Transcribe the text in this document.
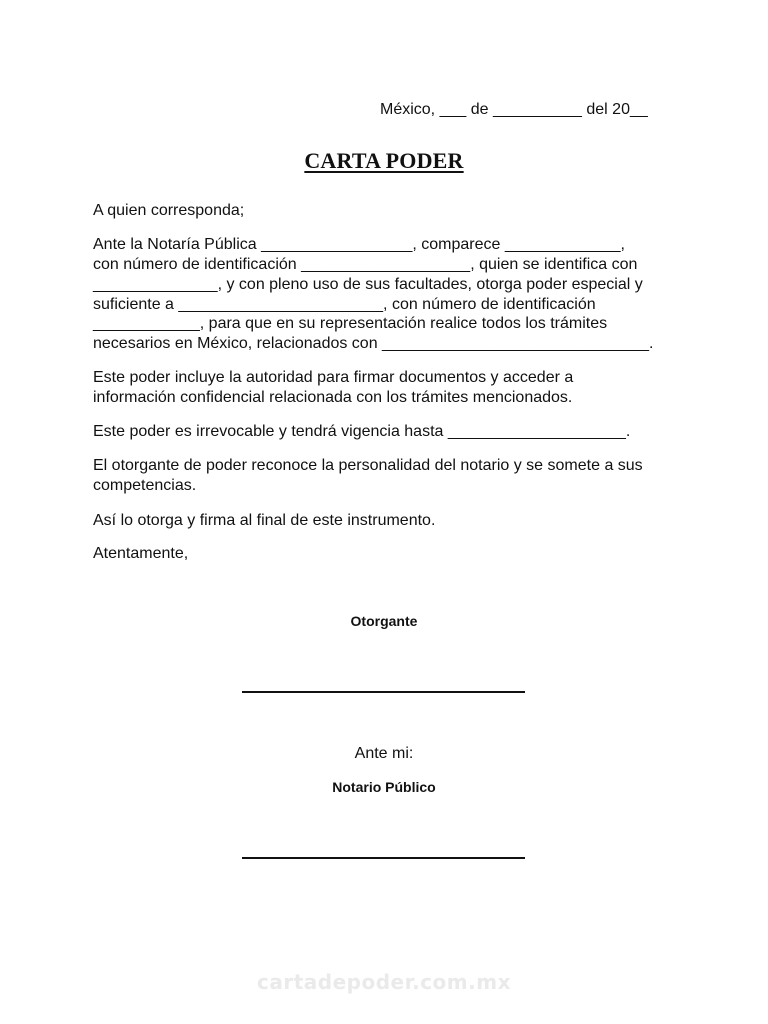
México, ___ de __________ del 20__
CARTA PODER
A quien corresponda;
Ante la Notaría Pública _________________, comparece _____________,
con número de identificación ___________________, quien se identifica con
______________, y con pleno uso de sus facultades, otorga poder especial y
suficiente a _______________________, con número de identificación
____________, para que en su representación realice todos los trámites
necesarios en México, relacionados con ______________________________.
Este poder incluye la autoridad para firmar documentos y acceder a
información confidencial relacionada con los trámites mencionados.
Este poder es irrevocable y tendrá vigencia hasta ____________________.
El otorgante de poder reconoce la personalidad del notario y se somete a sus
competencias.
Así lo otorga y firma al final de este instrumento.
Atentamente,
Otorgante
Ante mi:
Notario Público
cartadepoder.com.mx
